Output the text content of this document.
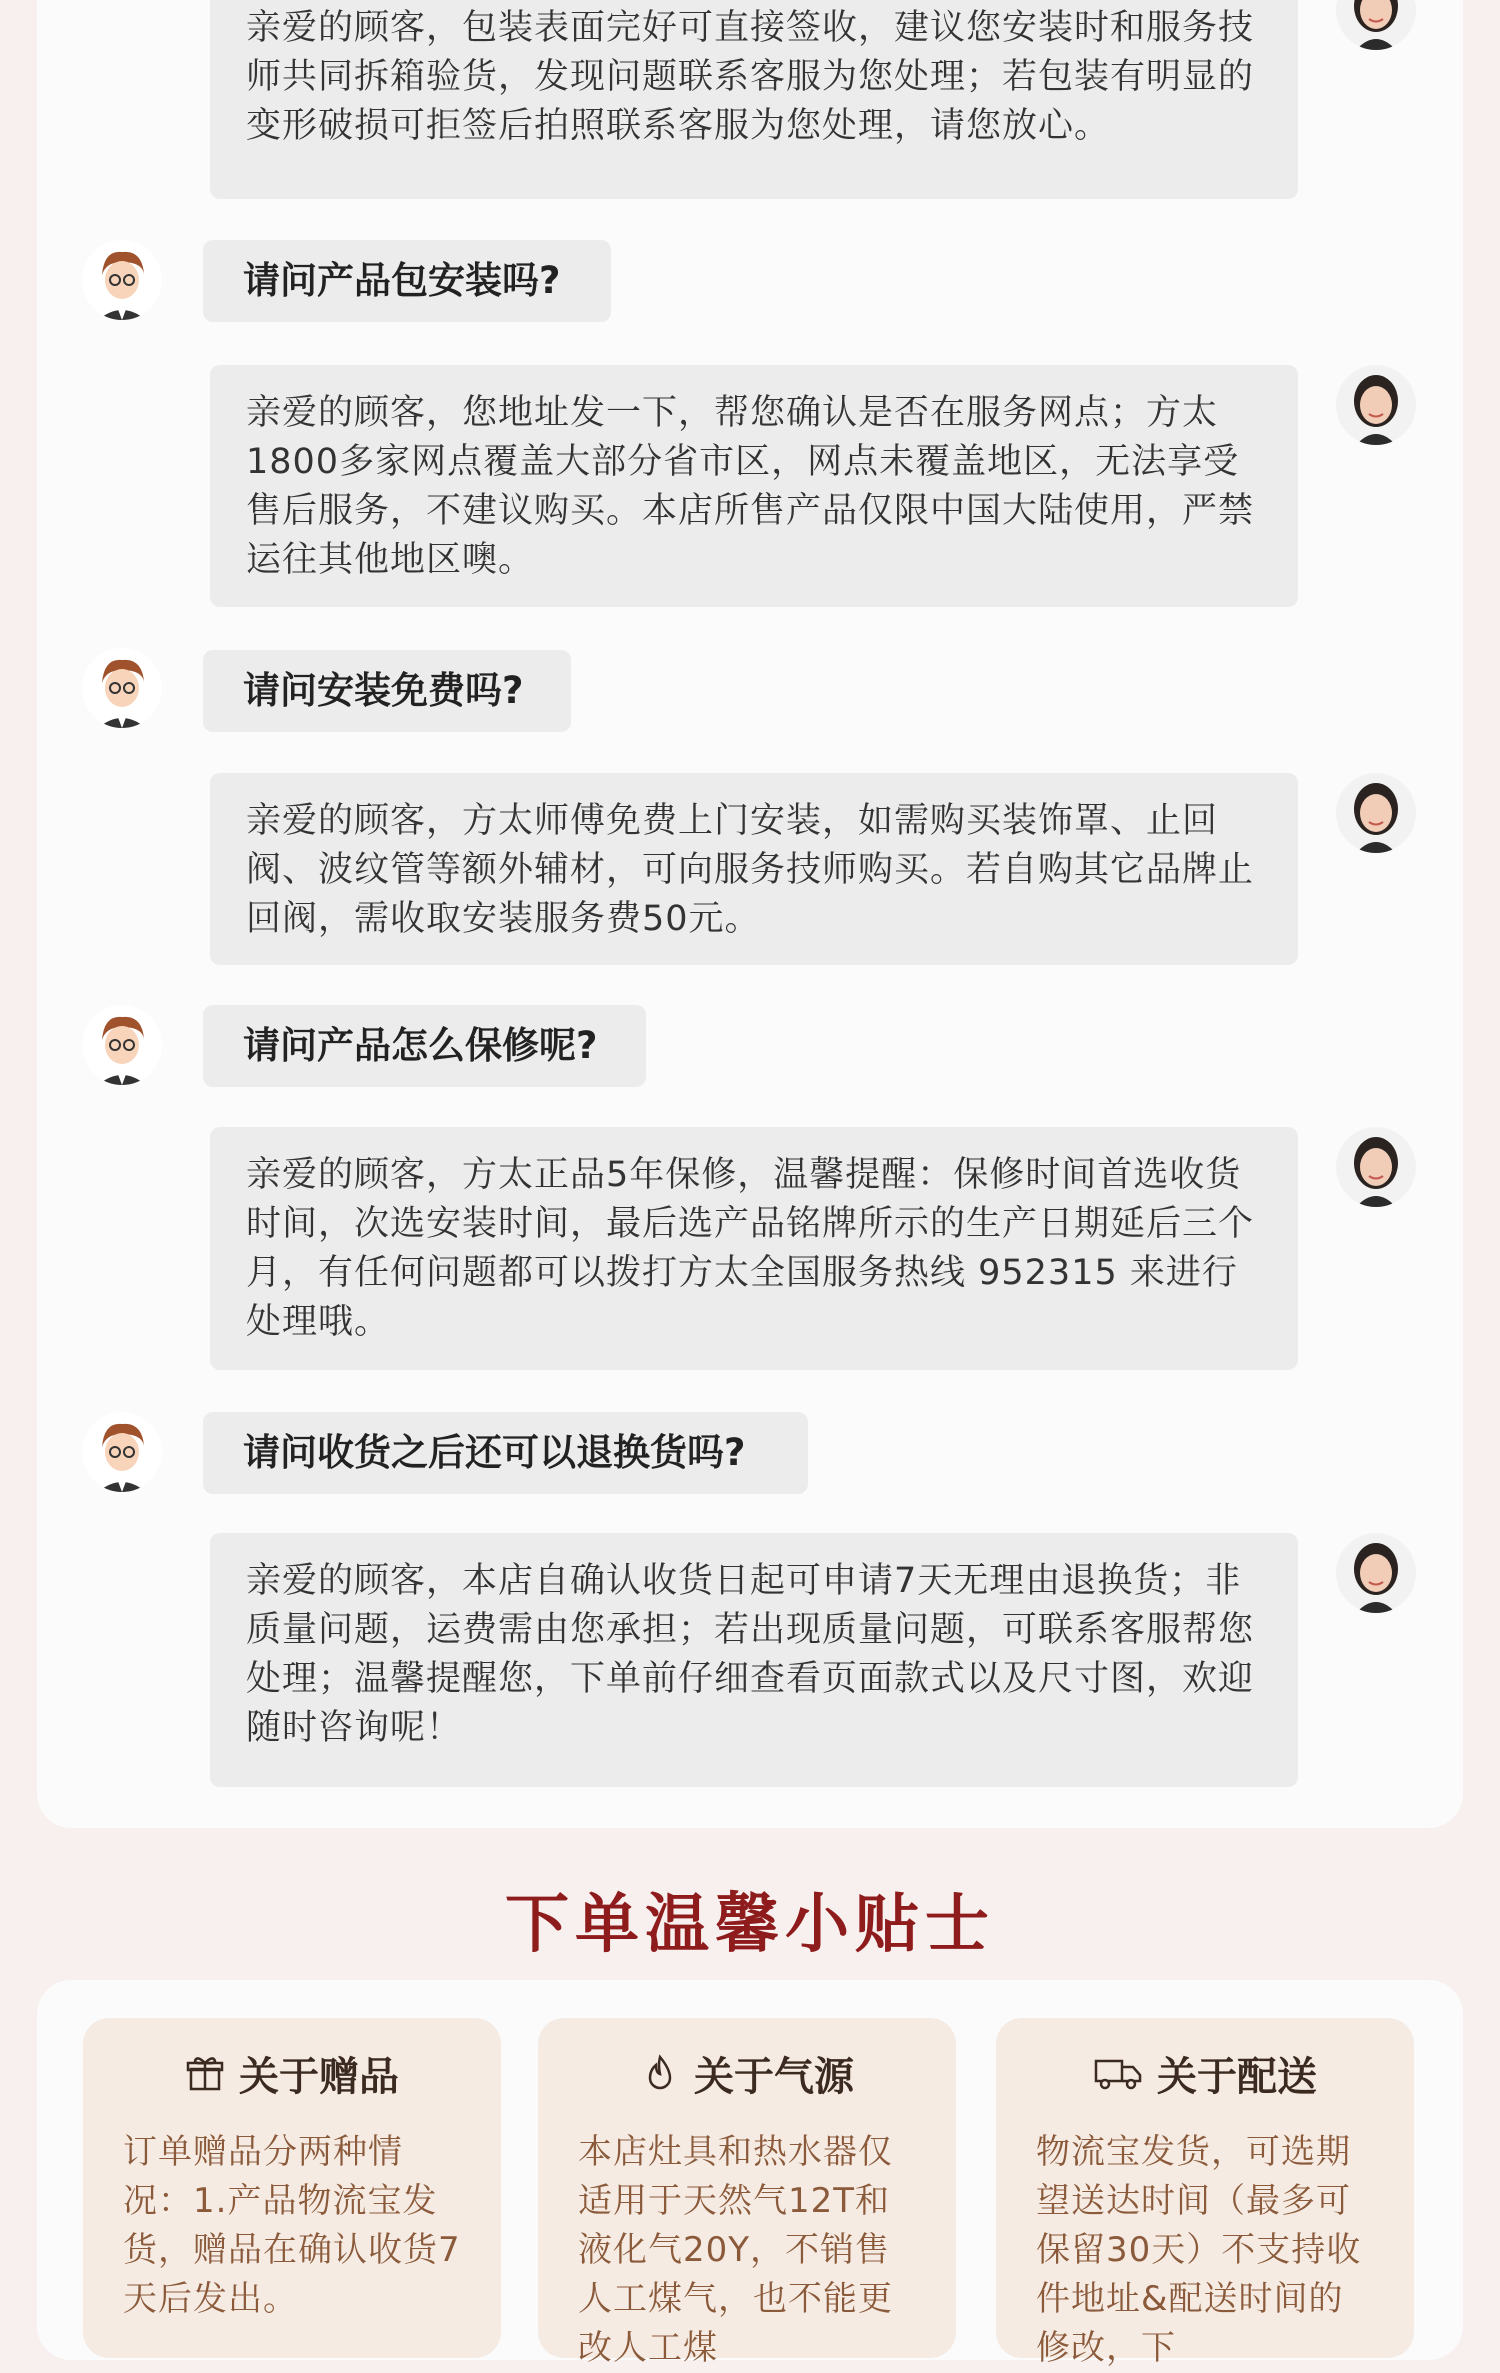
亲爱的顾客，包装表面完好可直接签收，建议您安装时和服务技师共同拆箱验货，发现问题联系客服为您处理；若包装有明显的变形破损可拒签后拍照联系客服为您处理，请您放心。
请问产品包安装吗?
亲爱的顾客，您地址发一下，帮您确认是否在服务网点；方太1800多家网点覆盖大部分省市区，网点未覆盖地区，无法享受售后服务，不建议购买。本店所售产品仅限中国大陆使用，严禁运往其他地区噢。
请问安装免费吗?
亲爱的顾客，方太师傅免费上门安装，如需购买装饰罩、止回阀、波纹管等额外辅材，可向服务技师购买。若自购其它品牌止回阀，需收取安装服务费50元。
请问产品怎么保修呢?
亲爱的顾客，方太正品5年保修，温馨提醒：保修时间首选收货时间，次选安装时间，最后选产品铭牌所示的生产日期延后三个月，有任何问题都可以拨打方太全国服务热线 952315 来进行处理哦。
请问收货之后还可以退换货吗?
亲爱的顾客，本店自确认收货日起可申请7天无理由退换货；非质量问题，运费需由您承担；若出现质量问题，可联系客服帮您处理；温馨提醒您，下单前仔细查看页面款式以及尺寸图，欢迎随时咨询呢！
下单温馨小贴士
关于赠品
订单赠品分两种情况：1.产品物流宝发货，赠品在确认收货7天后发出。
关于气源
本店灶具和热水器仅适用于天然气12T和液化气20Y，不销售人工煤气，也不能更改人工煤
关于配送
物流宝发货，可选期望送达时间（最多可保留30天）不支持收件地址&配送时间的修改，下
